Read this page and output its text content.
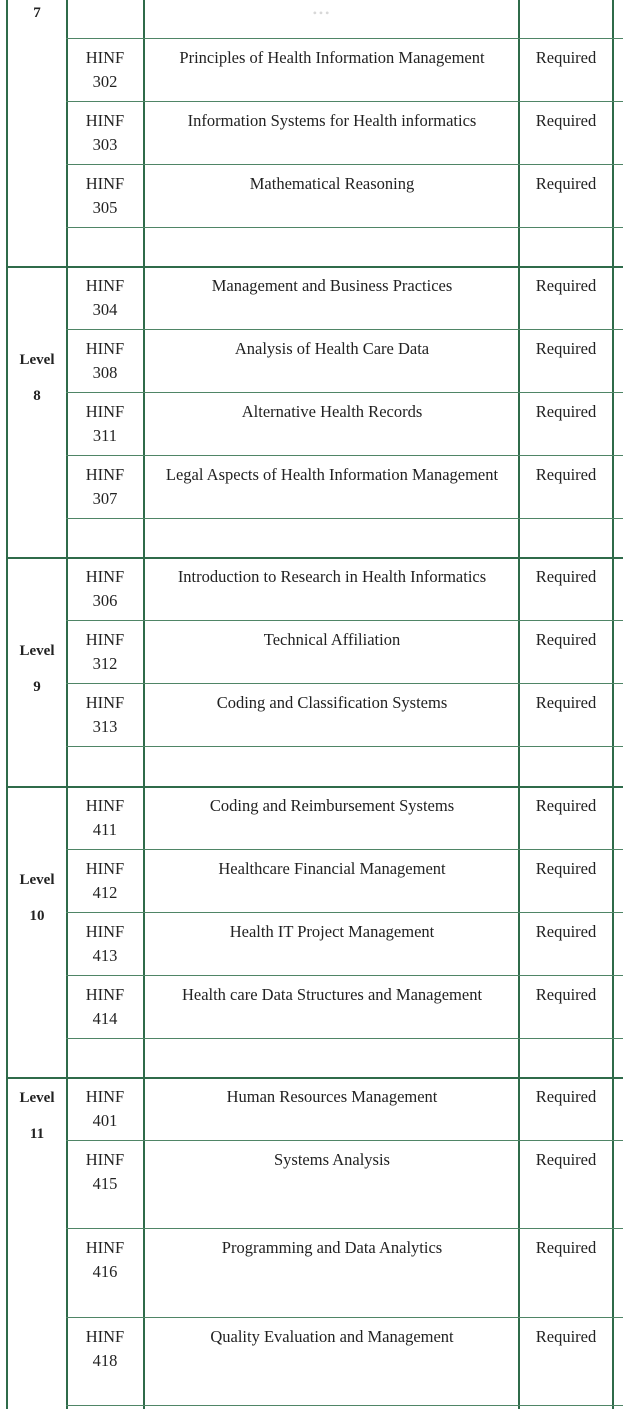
•••
7
HINF
302
Principles of Health Information Management	Required
HINF
303
Information Systems for Health informatics	Required
HINF
305
Mathematical Reasoning	Required
Level
8
HINF
304
Management and Business Practices	Required
HINF
308
Analysis of Health Care Data	Required
HINF
311
Alternative Health Records	Required
HINF
307
Legal Aspects of Health Information Management	Required
Level
9
HINF
306
Introduction to Research in Health Informatics	Required
HINF
312
Technical Affiliation	Required
HINF
313
Coding and Classification Systems	Required
Level
10
HINF
411
Coding and Reimbursement Systems	Required
HINF
412
Healthcare Financial Management	Required
HINF
413
Health IT Project Management	Required
HINF
414
Health care Data Structures and Management	Required
Level
11
HINF
401
Human Resources Management	Required
HINF
415
Systems Analysis	Required
HINF
416
Programming and Data Analytics	Required
HINF
418
Quality Evaluation and Management	Required
